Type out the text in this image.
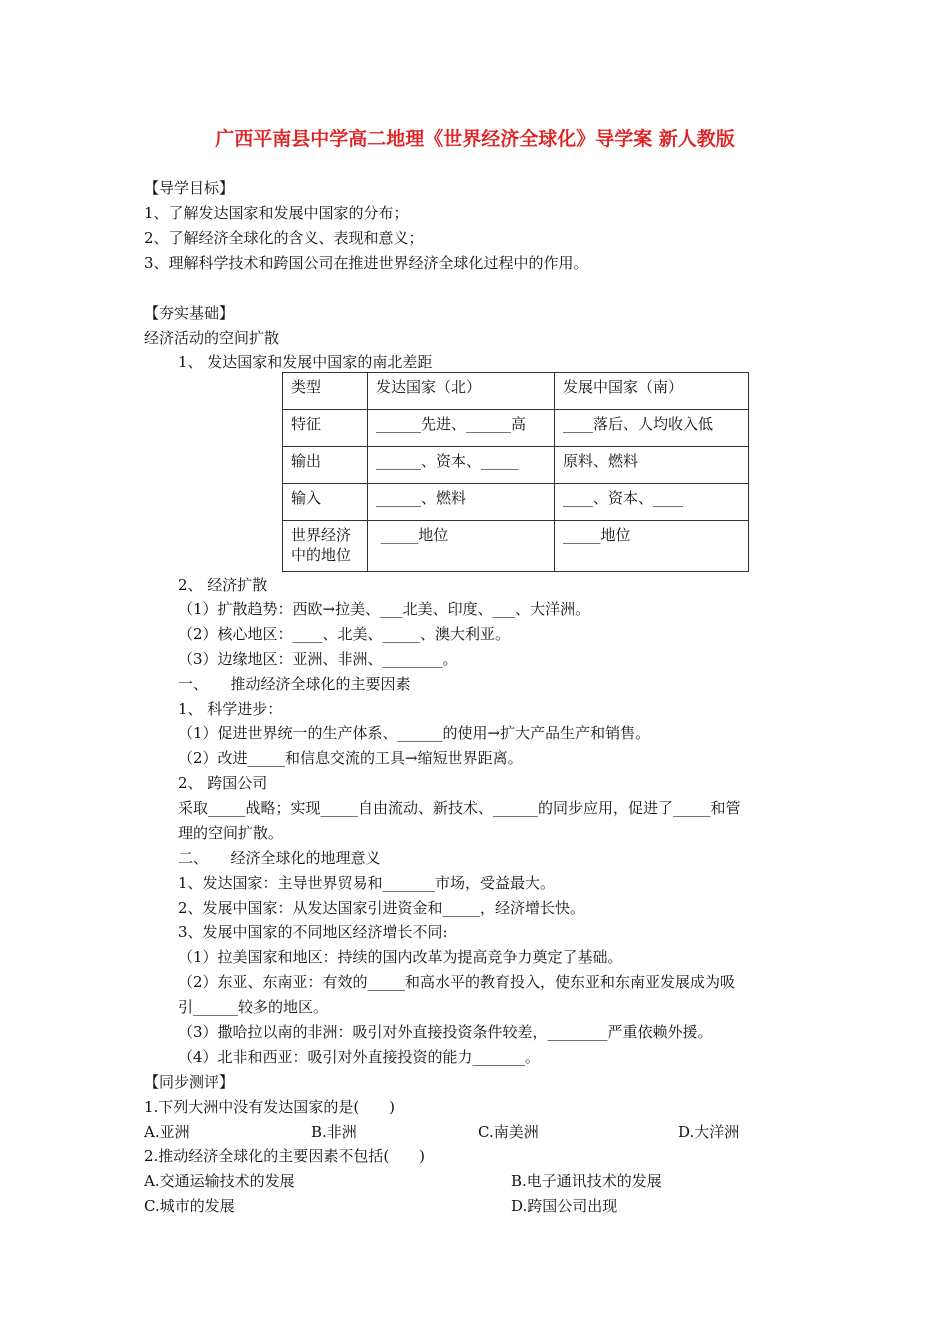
广西平南县中学高二地理《世界经济全球化》导学案 新人教版
【导学目标】
1、了解发达国家和发展中国家的分布；
2、了解经济全球化的含义、表现和意义；
3、理解科学技术和跨国公司在推进世界经济全球化过程中的作用。
【夯实基础】
经济活动的空间扩散
1、 发达国家和发展中国家的南北差距
类型	发达国家（北）	发展中国家（南）
特征	______先进、______高	____落后、人均收入低
输出	______、资本、_____	原料、燃料
输入	______、燃料	____、资本、____
世界经济中的地位	_____地位	_____地位
2、 经济扩散
（1）扩散趋势：西欧→拉美、___北美、印度、___、大洋洲。
（2）核心地区：____、北美、_____、澳大利亚。
（3）边缘地区：亚洲、非洲、________。
一、　　推动经济全球化的主要因素
1、 科学进步：
（1）促进世界统一的生产体系、______的使用→扩大产品生产和销售。
（2）改进_____和信息交流的工具→缩短世界距离。
2、 跨国公司
采取_____战略；实现_____自由流动、新技术、______的同步应用，促进了_____和管
理的空间扩散。
二、　　经济全球化的地理意义
1、发达国家：主导世界贸易和_______市场，受益最大。
2、发展中国家：从发达国家引进资金和_____，经济增长快。
3、发展中国家的不同地区经济增长不同:
（1）拉美国家和地区：持续的国内改革为提高竞争力奠定了基础。
（2）东亚、东南亚：有效的_____和高水平的教育投入，使东亚和东南亚发展成为吸
引______较多的地区。
（3）撒哈拉以南的非洲：吸引对外直接投资条件较差，________严重依赖外援。
（4）北非和西亚：吸引对外直接投资的能力_______。
【同步测评】
1.下列大洲中没有发达国家的是(　　)
A.亚洲	B.非洲	C.南美洲	D.大洋洲
2.推动经济全球化的主要因素不包括(　　)
A.交通运输技术的发展	B.电子通讯技术的发展
C.城市的发展	D.跨国公司出现
